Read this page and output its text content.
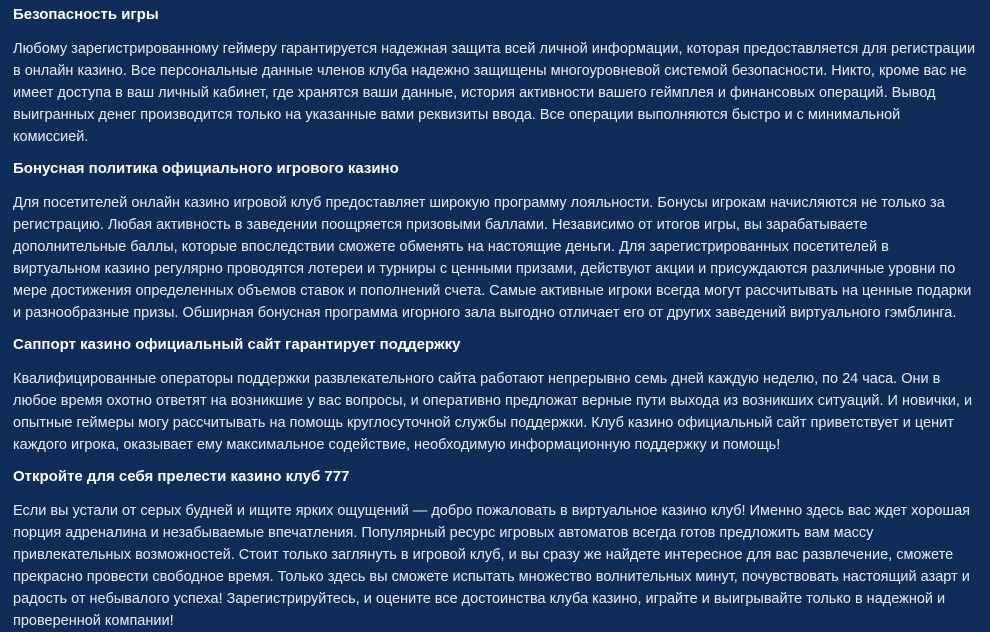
Безопасность игры

Любому зарегистрированному геймеру гарантируется надежная защита всей личной информации, которая предоставляется для регистрации в онлайн казино. Все персональные данные членов клуба надежно защищены многоуровневой системой безопасности. Никто, кроме вас не имеет доступа в ваш личный кабинет, где хранятся ваши данные, история активности вашего геймплея и финансовых операций. Вывод выигранных денег производится только на указанные вами реквизиты ввода. Все операции выполняются быстро и с минимальной комиссией.

Бонусная политика официального игрового казино

Для посетителей онлайн казино игровой клуб предоставляет широкую программу лояльности. Бонусы игрокам начисляются не только за регистрацию. Любая активность в заведении поощряется призовыми баллами. Независимо от итогов игры, вы зарабатываете дополнительные баллы, которые впоследствии сможете обменять на настоящие деньги. Для зарегистрированных посетителей в виртуальном казино регулярно проводятся лотереи и турниры с ценными призами, действуют акции и присуждаются различные уровни по мере достижения определенных объемов ставок и пополнений счета. Самые активные игроки всегда могут рассчитывать на ценные подарки и разнообразные призы. Обширная бонусная программа игорного зала выгодно отличает его от других заведений виртуального гэмблинга.

Саппорт казино официальный сайт гарантирует поддержку

Квалифицированные операторы поддержки развлекательного сайта работают непрерывно семь дней каждую неделю, по 24 часа. Они в любое время охотно ответят на возникшие у вас вопросы, и оперативно предложат верные пути выхода из возникших ситуаций. И новички, и опытные геймеры могу рассчитывать на помощь круглосуточной службы поддержки. Клуб казино официальный сайт приветствует и ценит каждого игрока, оказывает ему максимальное содействие, необходимую информационную поддержку и помощь!

Откройте для себя прелести казино клуб 777

Если вы устали от серых будней и ищите ярких ощущений — добро пожаловать в виртуальное казино клуб! Именно здесь вас ждет хорошая порция адреналина и незабываемые впечатления. Популярный ресурс игровых автоматов всегда готов предложить вам массу привлекательных возможностей. Стоит только заглянуть в игровой клуб, и вы сразу же найдете интересное для вас развлечение, сможете прекрасно провести свободное время. Только здесь вы сможете испытать множество волнительных минут, почувствовать настоящий азарт и радость от небывалого успеха! Зарегистрируйтесь, и оцените все достоинства клуба казино, играйте и выигрывайте только в надежной и проверенной компании!
